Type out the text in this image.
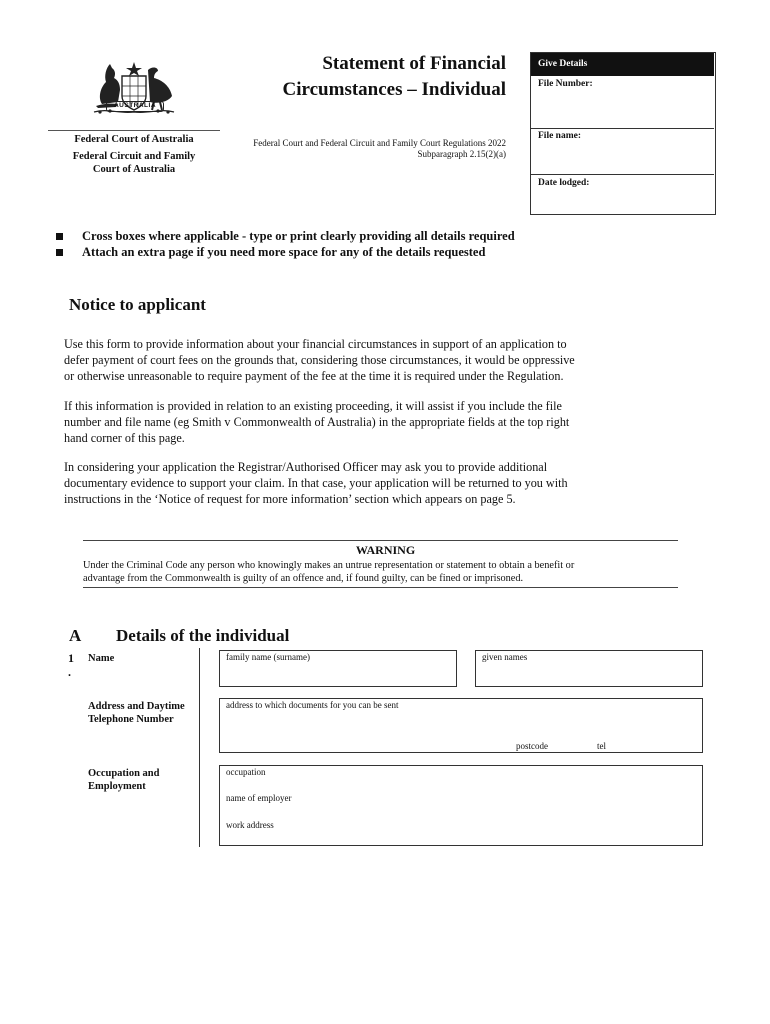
AUSTRALIA
Federal Court of Australia
Federal Circuit and Family
Court of Australia
Statement of Financial
Circumstances – Individual
Federal Court and Federal Circuit and Family Court Regulations 2022
Subparagraph 2.15(2)(a)
Give Details
File Number:
File name:
Date lodged:
Cross boxes where applicable - type or print clearly providing all details required
Attach an extra page if you need more space for any of the details requested
Notice to applicant
Use this form to provide information about your financial circumstances in support of an application to
defer payment of court fees on the grounds that, considering those circumstances, it would be oppressive
or otherwise unreasonable to require payment of the fee at the time it is required under the Regulation.
If this information is provided in relation to an existing proceeding, it will assist if you include the file
number and file name (eg Smith v Commonwealth of Australia) in the appropriate fields at the top right
hand corner of this page.
In considering your application the Registrar/Authorised Officer may ask you to provide additional
documentary evidence to support your claim. In that case, your application will be returned to you with
instructions in the ‘Notice of request for more information’ section which appears on page 5.
WARNING
Under the Criminal Code any person who knowingly makes an untrue representation or statement to obtain a benefit or
advantage from the Commonwealth is guilty of an offence and, if found guilty, can be fined or imprisoned.
A Details of the individual
1
.
Name	family name (surname)	given names
Address and Daytime
Telephone Number
address to which documents for you can be sent
postcode	tel
Occupation and
Employment
occupation
name of employer
work address
